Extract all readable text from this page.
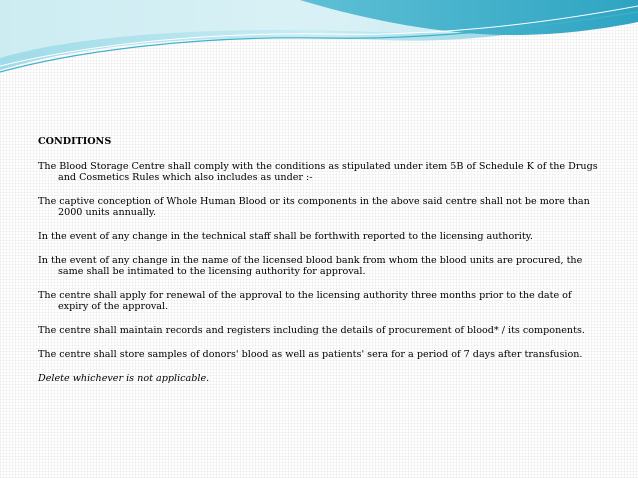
CONDITIONS

The Blood Storage Centre shall comply with the conditions as stipulated under item 5B of Schedule K of the Drugs and Cosmetics Rules which also includes as under :-

The captive conception of Whole Human Blood or its components in the above said centre shall not be more than 2000 units annually.

In the event of any change in the technical staff shall be forthwith reported to the licensing authority.

In the event of any change in the name of the licensed blood bank from whom the blood units are procured, the same shall be intimated to the licensing authority for approval.

The centre shall apply for renewal of the approval to the licensing authority three months prior to the date of expiry of the approval.

The centre shall maintain records and registers including the details of procurement of blood* / its components.

The centre shall store samples of donors' blood as well as patients' sera for a period of 7 days after transfusion.

Delete whichever is not applicable.
